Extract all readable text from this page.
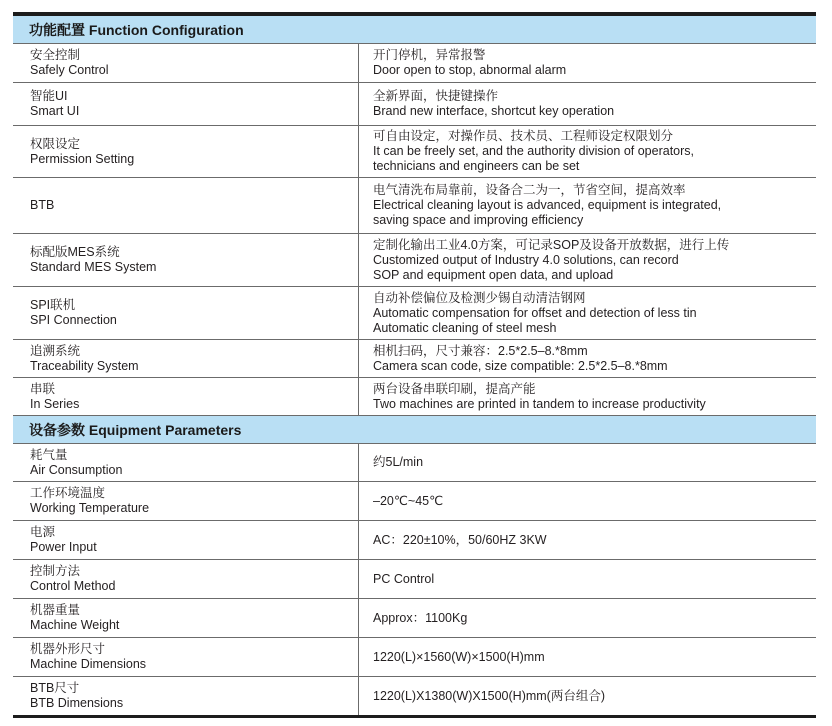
功能配置 Function Configuration
安全控制
Safely Control
开门停机，异常报警
Door open to stop, abnormal alarm
智能UI
Smart UI
全新界面，快捷键操作
Brand new interface, shortcut key operation
权限设定
Permission Setting
可自由设定，对操作员、技术员、工程师设定权限划分
It can be freely set, and the authority division of operators,
technicians and engineers can be set
BTB
电气清洗布局靠前，设备合二为一，节省空间，提高效率
Electrical cleaning layout is advanced, equipment is integrated,
saving space and improving efficiency
标配版MES系统
Standard MES System
定制化输出工业4.0方案，可记录SOP及设备开放数据，进行上传
Customized output of Industry 4.0 solutions, can record
SOP and equipment open data, and upload
SPI联机
SPI Connection
自动补偿偏位及检测少锡自动清洁钢网
Automatic compensation for offset and detection of less tin
Automatic cleaning of steel mesh
追溯系统
Traceability System
相机扫码，尺寸兼容：2.5*2.5–8.*8mm
Camera scan code, size compatible: 2.5*2.5–8.*8mm
串联
In Series
两台设备串联印刷，提高产能
Two machines are printed in tandem to increase productivity
设备参数 Equipment Parameters
耗气量
Air Consumption
约5L/min
工作环境温度
Working Temperature
–20℃~45℃
电源
Power Input
AC：220±10%，50/60HZ 3KW
控制方法
Control Method
PC Control
机器重量
Machine Weight
Approx：1100Kg
机器外形尺寸
Machine Dimensions
1220(L)×1560(W)×1500(H)mm
BTB尺寸
BTB Dimensions
1220(L)X1380(W)X1500(H)mm(两台组合)
